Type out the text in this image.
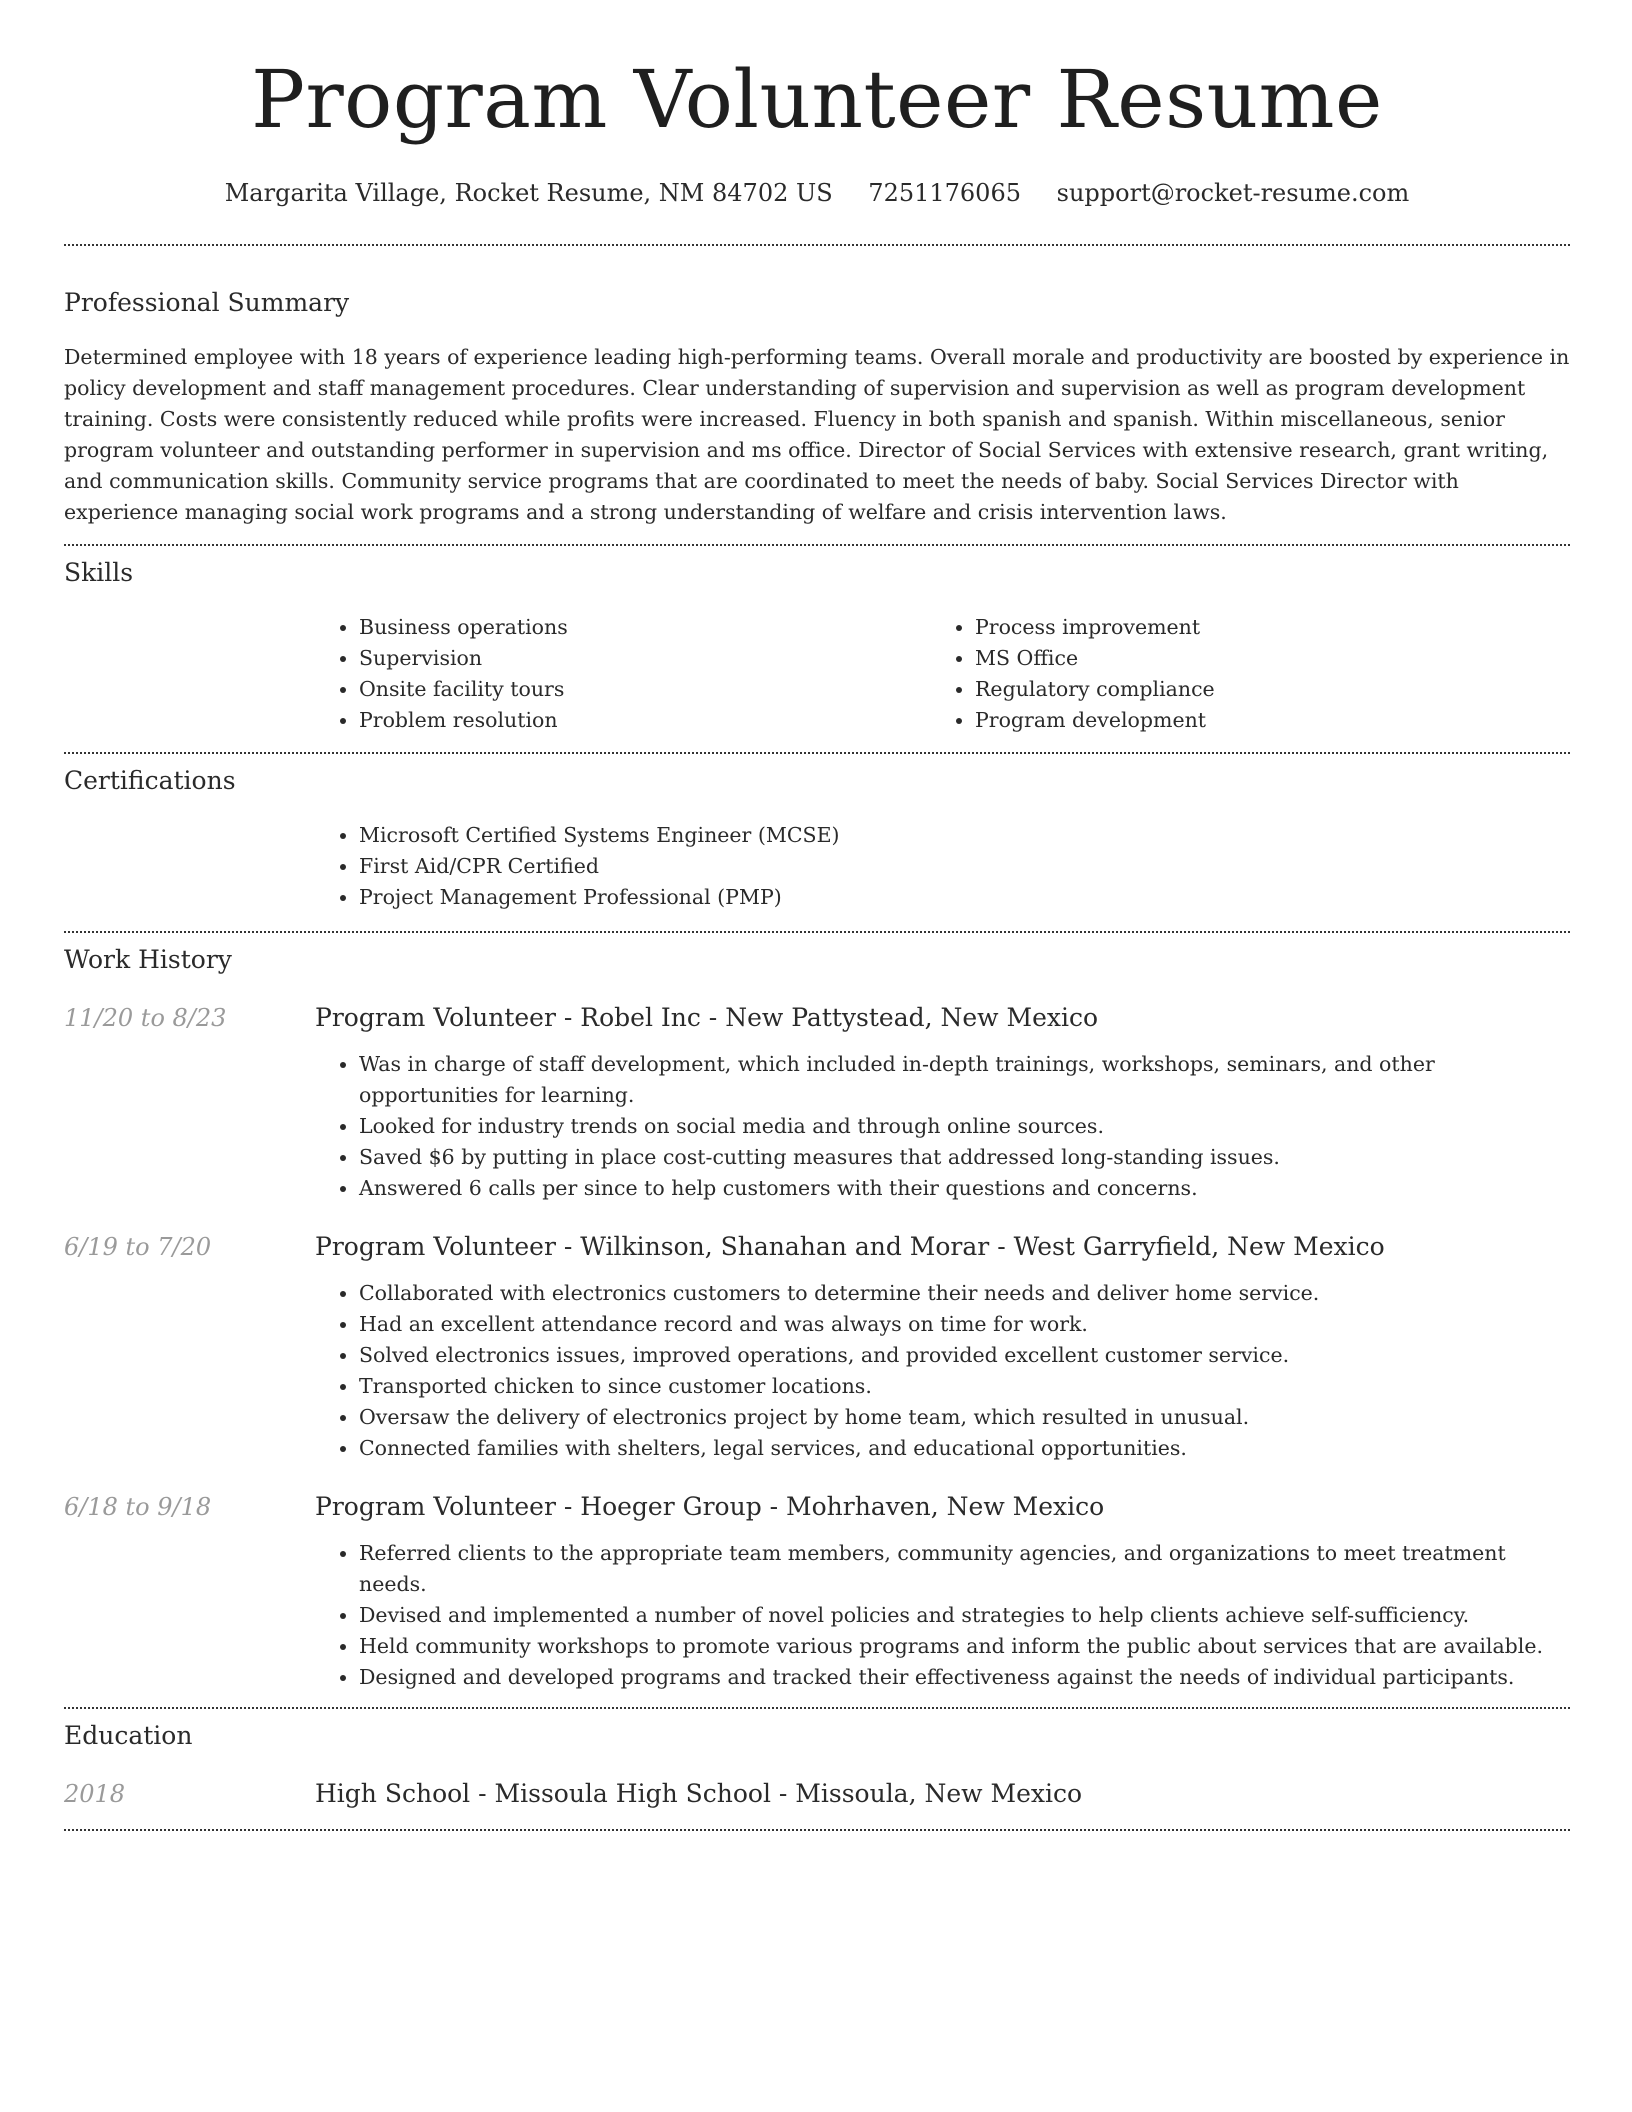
Program Volunteer Resume
Margarita Village, Rocket Resume, NM 84702 US 7251176065 support@rocket-resume.com
Professional Summary

Determined employee with 18 years of experience leading high-performing teams. Overall morale and productivity are boosted by experience in policy development and staff management procedures. Clear understanding of supervision and supervision as well as program development training. Costs were consistently reduced while profits were increased. Fluency in both spanish and spanish. Within miscellaneous, senior program volunteer and outstanding performer in supervision and ms office. Director of Social Services with extensive research, grant writing, and communication skills. Community service programs that are coordinated to meet the needs of baby. Social Services Director with experience managing social work programs and a strong understanding of welfare and crisis intervention laws.

Skills
• Business operations
• Supervision
• Onsite facility tours
• Problem resolution
• Process improvement
• MS Office
• Regulatory compliance
• Program development
Certifications
• Microsoft Certified Systems Engineer (MCSE)
• First Aid/CPR Certified
• Project Management Professional (PMP)
Work History
11/20 to 8/23	Program Volunteer - Robel Inc - New Pattystead, New Mexico
• Was in charge of staff development, which included in-depth trainings, workshops, seminars, and other opportunities for learning.
• Looked for industry trends on social media and through online sources.
• Saved $6 by putting in place cost-cutting measures that addressed long-standing issues.
• Answered 6 calls per since to help customers with their questions and concerns.
6/19 to 7/20	Program Volunteer - Wilkinson, Shanahan and Morar - West Garryfield, New Mexico
• Collaborated with electronics customers to determine their needs and deliver home service.
• Had an excellent attendance record and was always on time for work.
• Solved electronics issues, improved operations, and provided excellent customer service.
• Transported chicken to since customer locations.
• Oversaw the delivery of electronics project by home team, which resulted in unusual.
• Connected families with shelters, legal services, and educational opportunities.
6/18 to 9/18	Program Volunteer - Hoeger Group - Mohrhaven, New Mexico
• Referred clients to the appropriate team members, community agencies, and organizations to meet treatment needs.
• Devised and implemented a number of novel policies and strategies to help clients achieve self-sufficiency.
• Held community workshops to promote various programs and inform the public about services that are available.
• Designed and developed programs and tracked their effectiveness against the needs of individual participants.
Education
2018	High School - Missoula High School - Missoula, New Mexico
